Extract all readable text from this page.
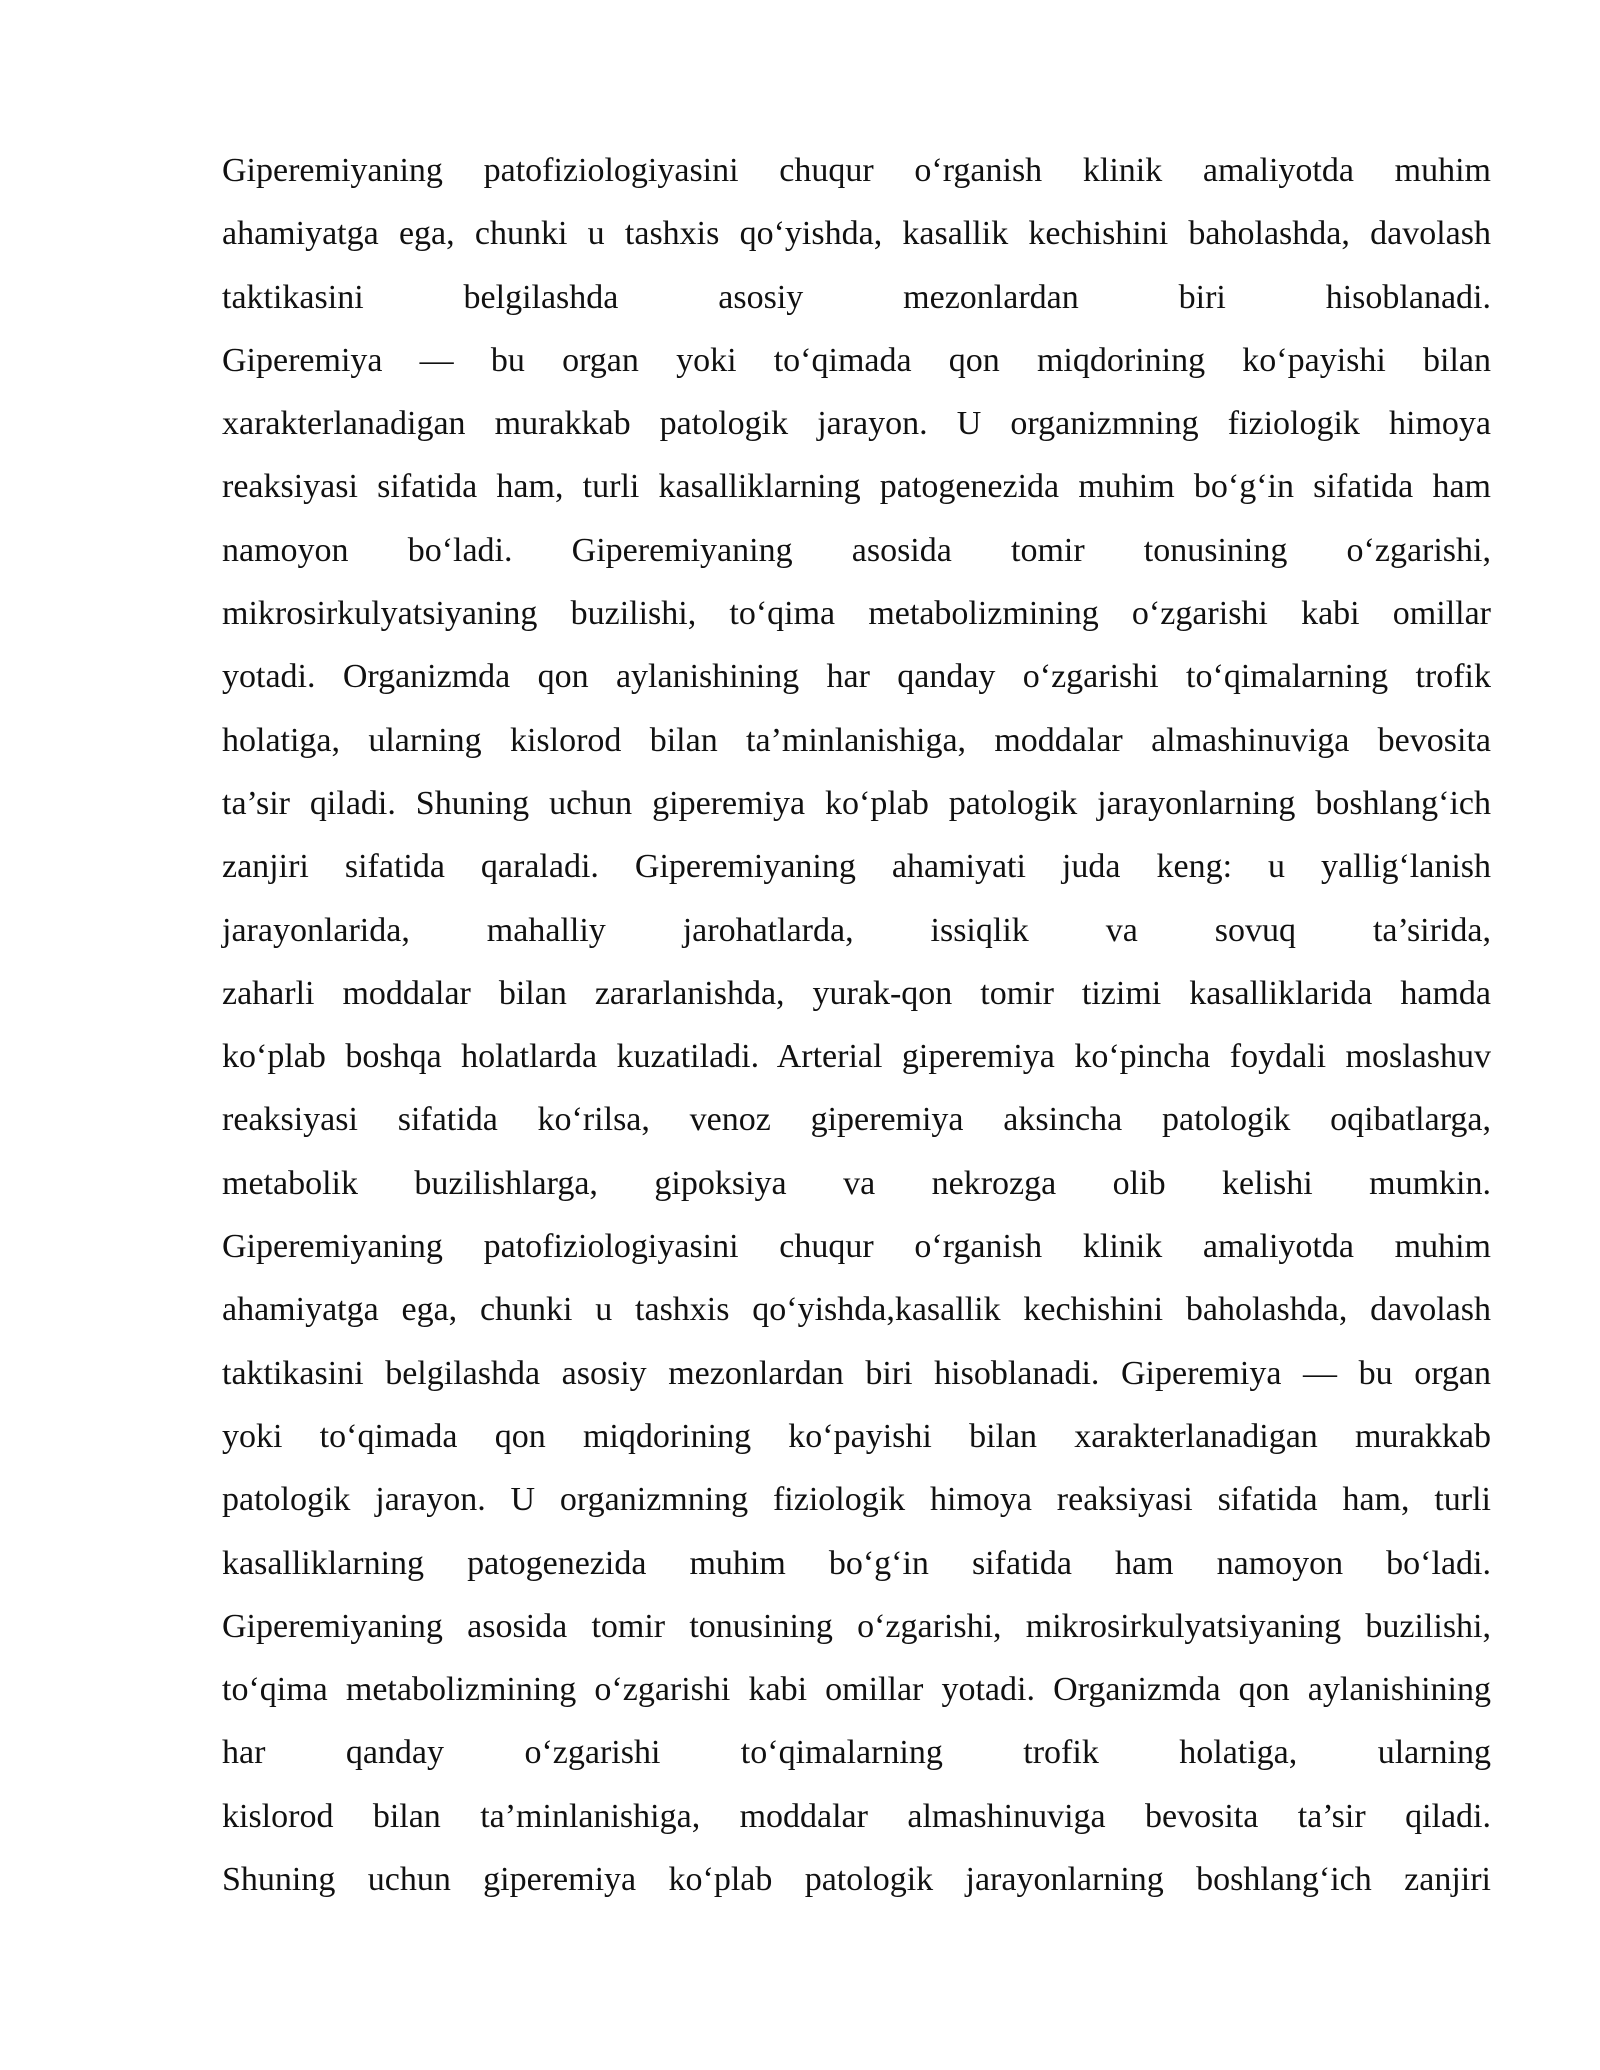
Giperemiyaning patofiziologiyasini chuqur oʻrganish klinik amaliyotda muhim
ahamiyatga ega, chunki u tashxis qoʻyishda, kasallik kechishini baholashda, davolash
taktikasini belgilashda asosiy mezonlardan biri hisoblanadi.
Giperemiya — bu organ yoki toʻqimada qon miqdorining koʻpayishi bilan
xarakterlanadigan murakkab patologik jarayon. U organizmning fiziologik himoya
reaksiyasi sifatida ham, turli kasalliklarning patogenezida muhim boʻgʻin sifatida ham
namoyon boʻladi. Giperemiyaning asosida tomir tonusining oʻzgarishi,
mikrosirkulyatsiyaning buzilishi, toʻqima metabolizmining oʻzgarishi kabi omillar
yotadi. Organizmda qon aylanishining har qanday oʻzgarishi toʻqimalarning trofik
holatiga, ularning kislorod bilan ta’minlanishiga, moddalar almashinuviga bevosita
ta’sir qiladi. Shuning uchun giperemiya koʻplab patologik jarayonlarning boshlangʻich
zanjiri sifatida qaraladi. Giperemiyaning ahamiyati juda keng: u yalligʻlanish
jarayonlarida, mahalliy jarohatlarda, issiqlik va sovuq ta’sirida,
zaharli moddalar bilan zararlanishda, yurak-qon tomir tizimi kasalliklarida hamda
koʻplab boshqa holatlarda kuzatiladi. Arterial giperemiya koʻpincha foydali moslashuv
reaksiyasi sifatida koʻrilsa, venoz giperemiya aksincha patologik oqibatlarga,
metabolik buzilishlarga, gipoksiya va nekrozga olib kelishi mumkin.
Giperemiyaning patofiziologiyasini chuqur oʻrganish klinik amaliyotda muhim
ahamiyatga ega, chunki u tashxis qoʻyishda,kasallik kechishini baholashda, davolash
taktikasini belgilashda asosiy mezonlardan biri hisoblanadi. Giperemiya — bu organ
yoki toʻqimada qon miqdorining koʻpayishi bilan xarakterlanadigan murakkab
patologik jarayon. U organizmning fiziologik himoya reaksiyasi sifatida ham, turli
kasalliklarning patogenezida muhim boʻgʻin sifatida ham namoyon boʻladi.
Giperemiyaning asosida tomir tonusining oʻzgarishi, mikrosirkulyatsiyaning buzilishi,
toʻqima metabolizmining oʻzgarishi kabi omillar yotadi. Organizmda qon aylanishining
har qanday oʻzgarishi toʻqimalarning trofik holatiga, ularning
kislorod bilan ta’minlanishiga, moddalar almashinuviga bevosita ta’sir qiladi.
Shuning uchun giperemiya koʻplab patologik jarayonlarning boshlangʻich zanjiri
